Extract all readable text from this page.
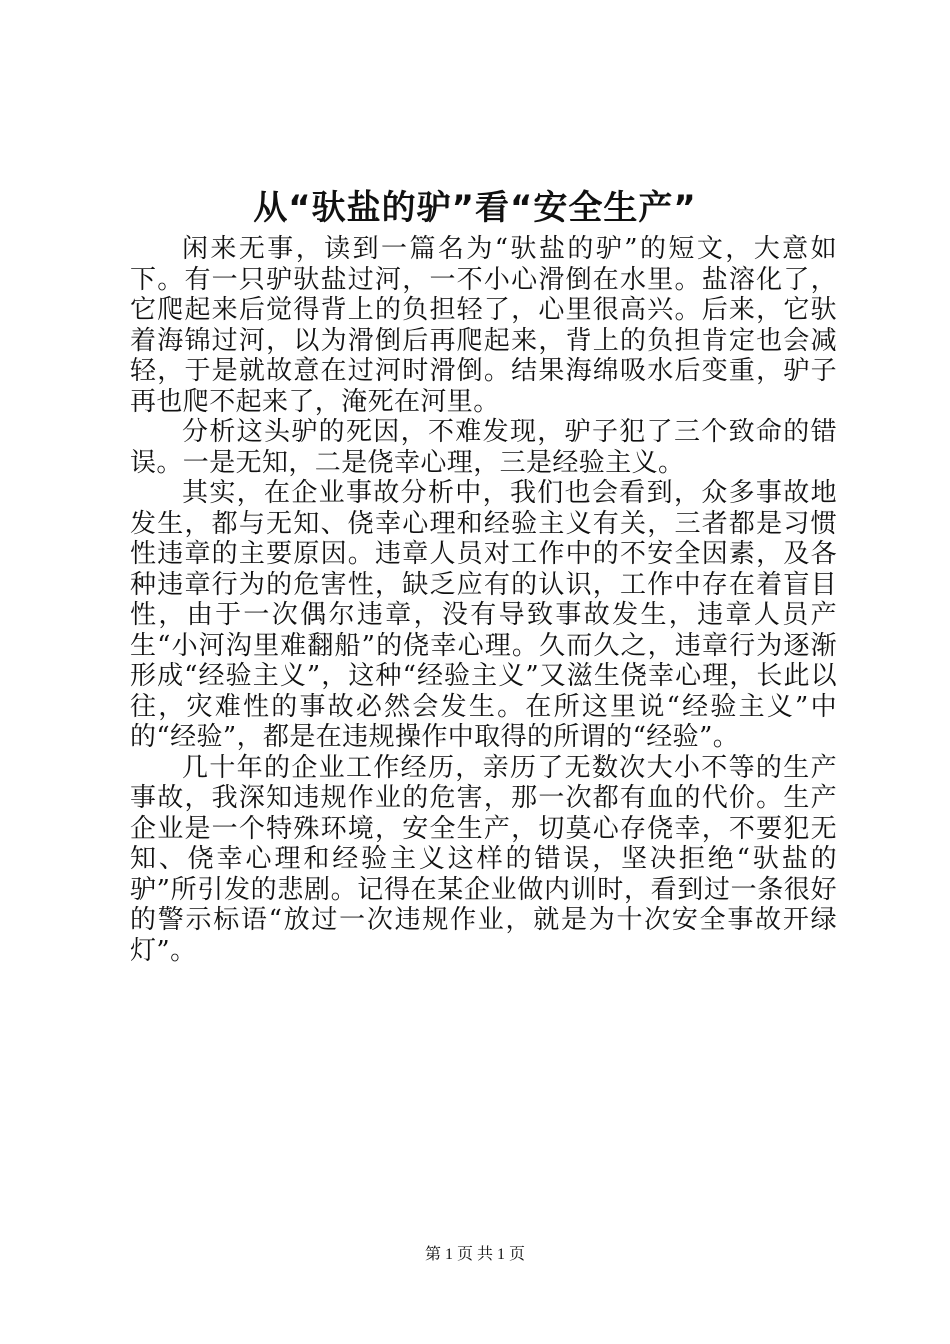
从“驮盐的驴”看“安全生产”

闲来无事，读到一篇名为“驮盐的驴”的短文，大意如下。有一只驴驮盐过河，一不小心滑倒在水里。盐溶化了，它爬起来后觉得背上的负担轻了，心里很高兴。后来，它驮着海锦过河，以为滑倒后再爬起来，背上的负担肯定也会减轻，于是就故意在过河时滑倒。结果海绵吸水后变重，驴子再也爬不起来了，淹死在河里。

分析这头驴的死因，不难发现，驴子犯了三个致命的错误。一是无知，二是侥幸心理，三是经验主义。

其实，在企业事故分析中，我们也会看到，众多事故地发生，都与无知、侥幸心理和经验主义有关，三者都是习惯性违章的主要原因。违章人员对工作中的不安全因素，及各种违章行为的危害性，缺乏应有的认识，工作中存在着盲目性，由于一次偶尔违章，没有导致事故发生，违章人员产生“小河沟里难翻船”的侥幸心理。久而久之，违章行为逐渐形成“经验主义”，这种“经验主义”又滋生侥幸心理，长此以往，灾难性的事故必然会发生。在所这里说“经验主义”中的“经验”，都是在违规操作中取得的所谓的“经验”。

几十年的企业工作经历，亲历了无数次大小不等的生产事故，我深知违规作业的危害，那一次都有血的代价。生产企业是一个特殊环境，安全生产，切莫心存侥幸，不要犯无知、侥幸心理和经验主义这样的错误，坚决拒绝“驮盐的驴”所引发的悲剧。记得在某企业做内训时，看到过一条很好的警示标语“放过一次违规作业，就是为十次安全事故开绿灯”。

第 1 页 共 1 页
